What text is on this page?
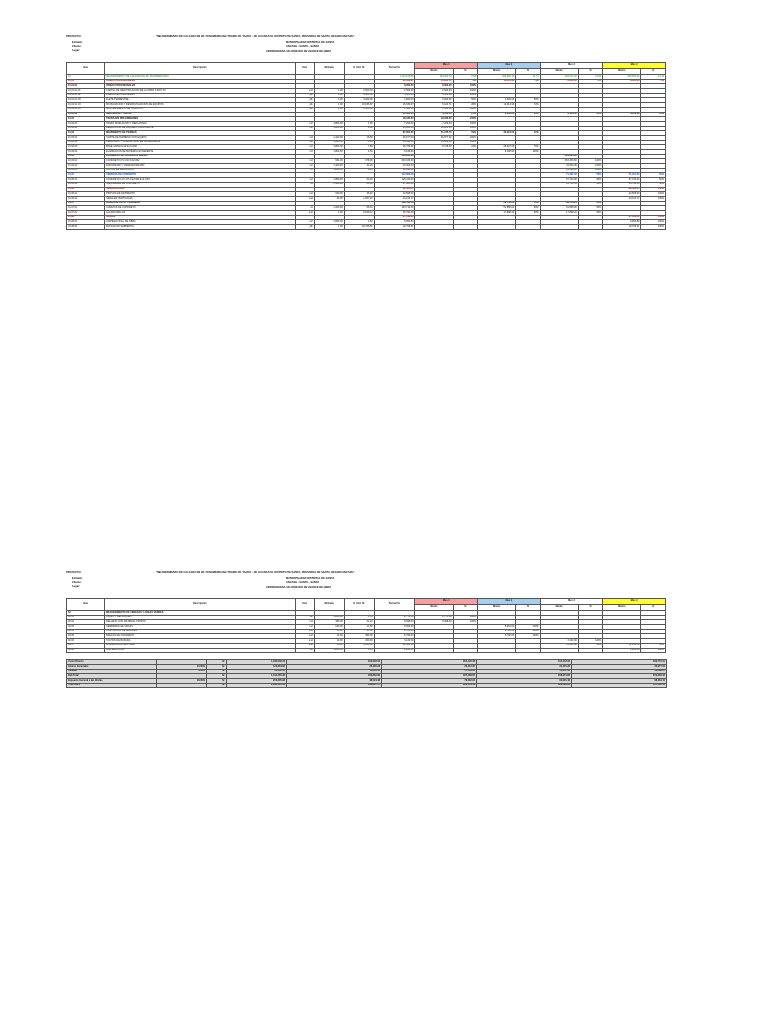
PROYECTO:	"MEJORAMIENTO DE CALZADA EN JR. PANAMERICANA TRAMO JR. TACNA - JR. HUANCAYO, DISTRITO DE SANTA, PROVINCIA DE SANTA, REGION ANCASH"
Entidad:
Cliente:
Lugar:
MUNICIPALIDAD DISTRITAL DE SANTA
ANCASH - SANTA - SANTA
CRONOGRAMA VALORIZADO DE AVANCE DE OBRA
Item	Descripción	Und.	Metrado	P. Unit. S/.	Parcial S/.	Mes 1		Mes 2		Mes 3		Mes 4	
						Monto	%	Monto	%	Monto	%	Monto	%
01	MEJORAMIENTO DE CALZADA EN JR. PANAMERICANA				1,113,106.86	193,002.34	8.95	229,960.15	14.74	163,214.42	15.50	326,456.44	21.15
01.01	OBRAS PROVISIONALES				32,036.67	15,622.71	3%	16,413.96	3%	8,000.00	2%	8,000.00	2%
01.01.01	OBRAS PROVISIONALES				8,000.00	8,000.00	100%						
01.01.01.01	CARTEL DE IDENTIFICACION DE LA OBRA 3.60X7.20	und	1.00	2,500.00	2,500.00	2,500.00	100%						
01.01.01.02	OBRAS PROVISIONALES	glb	1.00	5,500.00	5,500.00	5,500.00	100%						
01.01.01.03	FLETE TERRESTRE	glb	1.00	4,000.00	4,000.00	2,000.00	50%	2,000.00	50%				
01.01.01.04	MOVILIZACION Y DESMOVILIZACION DE EQUIPOS	glb	1.00	18,036.67	18,036.67	5,122.71	28%	12,913.96	72%				
01.01.01.05	MANTENIMIENTO DE TRANSITO	glb	1.00	1,500.00	1,500.00	1,500.00	100%						
01.01.02	SEGURIDAD Y SALUD				12,400.00	3,100.00	25%	3,100.00	25%	3,100.00	25%	3,100.00	25%
01.02	TRABAJOS PRELIMINARES				18,040.50	18,040.50	100%						
01.02.01	TRAZO NIVELACION Y REPLANTEO	m2	4,806.00	1.50	7,209.00	7,209.00	100%						
01.02.02	DEMOLICION DE PAVIMENTO EXISTENTE	m2	1,203.00	9.00	10,831.50	10,831.50	100%						
01.03	MOVIMIENTO DE TIERRAS				87,952.20	51,735.70	59%	36,216.50	41%				
01.03.01	CORTE DE TERRENO CON EQUIPO	m3	1,442.00	18.50	26,677.00	26,677.00	100%						
01.03.02	PERFILADO Y COMPACTADO DE SUBRASANTE	m2	4,806.00	3.40	16,340.40	16,340.40	100%						
01.03.03	BASE GRANULAR E=0.20M	m2	4,806.00	7.65	36,765.90	8,718.30	24%	28,047.60	76%				
01.03.04	ELIMINACION DE MATERIAL EXCEDENTE	m3	1,802.50	4.53	8,168.90			8,168.90	100%				
01.04	PAVIMENTO DE CONCRETO RIGIDO				419,286.06					419,286.06			
01.04.01	CONCRETO F'C=210 KG/CM2	m3	961.20	378.00	363,333.60					363,333.60	100%		
01.04.02	ENCOFRADO Y DESENCOFRADO	m2	1,420.00	31.20	44,304.00					44,304.00	100%		
01.04.03	JUNTAS DE DILATACION	ml	1,260.00	9.24	11,648.46					11,648.46	100%		
01.05	VEREDAS DE CONCRETO				142,863.06					71,431.53	50%	71,431.53	50%
01.05.01	CONCRETO F'C=175 KG/CM2 E=0.10M	m2	1,850.00	62.40	115,440.00					57,720.00	50%	57,720.00	50%
01.05.02	SARDINELES DE CONCRETO	ml	1,160.00	23.64	27,423.06					13,711.53	50%	13,711.53	50%
01.06	SEÑALIZACION				62,581.17							62,581.17	100%
01.06.01	PINTURA DE PAVIMENTO	m2	620.00	36.40	22,568.00							22,568.00	100%
01.06.02	SEÑALES VERTICALES	und	24.00	1,667.22	40,013.17							40,013.17	100%
01.07	OBRAS DE ARTE Y DRENAJE				139,512.48			69,756.24	50%	69,756.24	50%		
01.07.01	CUNETAS DE CONCRETO	ml	1,200.00	86.43	103,716.00			51,858.00	50%	51,858.00	50%		
01.07.02	ALCANTARILLAS	und	4.00	8,949.12	35,796.48			17,898.24	50%	17,898.24	50%		
01.08	VARIOS				27,416.41							27,416.41	100%
01.08.01	LIMPIEZA FINAL DE OBRA	m2	4,806.00	1.80	8,650.80							8,650.80	100%
01.08.02	MITIGACION AMBIENTAL	glb	1.00	18,765.61	18,765.61							18,765.61	100%
PROYECTO:	"MEJORAMIENTO DE CALZADA EN JR. PANAMERICANA TRAMO JR. TACNA - JR. HUANCAYO, DISTRITO DE SANTA, PROVINCIA DE SANTA, REGION ANCASH"
Entidad:
Cliente:
Lugar:
MUNICIPALIDAD DISTRITAL DE SANTA
ANCASH - SANTA - SANTA
CRONOGRAMA VALORIZADO DE AVANCE DE OBRA
Item	Descripción	Und.	Metrado	P. Unit. S/.	Parcial S/.	Mes 1		Mes 2		Mes 3		Mes 4	
						Monto	%	Monto	%	Monto	%	Monto	%
02	MEJORAMIENTO DE VEREDAS Y AREAS VERDES												
02.01	TRAZO Y REPLANTEO	m2	1,850.00	1.50	2,775.00	2,775.00	100%						
02.02	RELLENO CON MATERIAL PROPIO	m3	380.00	22.10	8,398.00	8,398.00	100%						
02.03	SEMBRADO DE GRASS	m2	640.00	12.60	8,064.00			8,064.00	100%				
02.04	PLANTACION DE ARBOLES	und	60.00	45.00	2,700.00			2,700.00	100%				
02.05	BANCAS DE CONCRETO	und	12.00	480.00	5,760.00			5,760.00	100%				
02.06	TACHOS DE BASURA	und	12.00	260.00	3,120.00					3,120.00	100%		
02.07	ILUMINACION PEATONAL	und	18.00	1,250.00	22,500.00					11,250.00	50%	11,250.00	50%
02.08	LIMPIEZA FINAL	m2	1,850.00	1.20	2,220.00							2,220.00	100%
Costo Directo		S/.	1,228,048.23	232,002.34	354,120.48	312,152.00	329,773.41
Gastos Generales	10.00%	S/.	122,804.82	23,200.23	35,412.05	31,215.20	32,977.34
Utilidad	5.00%	S/.	61,402.41	11,600.12	17,706.02	15,607.60	16,488.67
Sub Total		S/.	1,412,255.46	266,802.69	407,238.55	358,974.80	379,239.42
Impuesto General a las Ventas	18.00%	S/.	254,205.98	48,024.48	73,302.94	64,615.46	68,263.10
Total Obra		S/.	1,666,461.44	314,827.17	480,541.49	423,590.26	447,502.52
